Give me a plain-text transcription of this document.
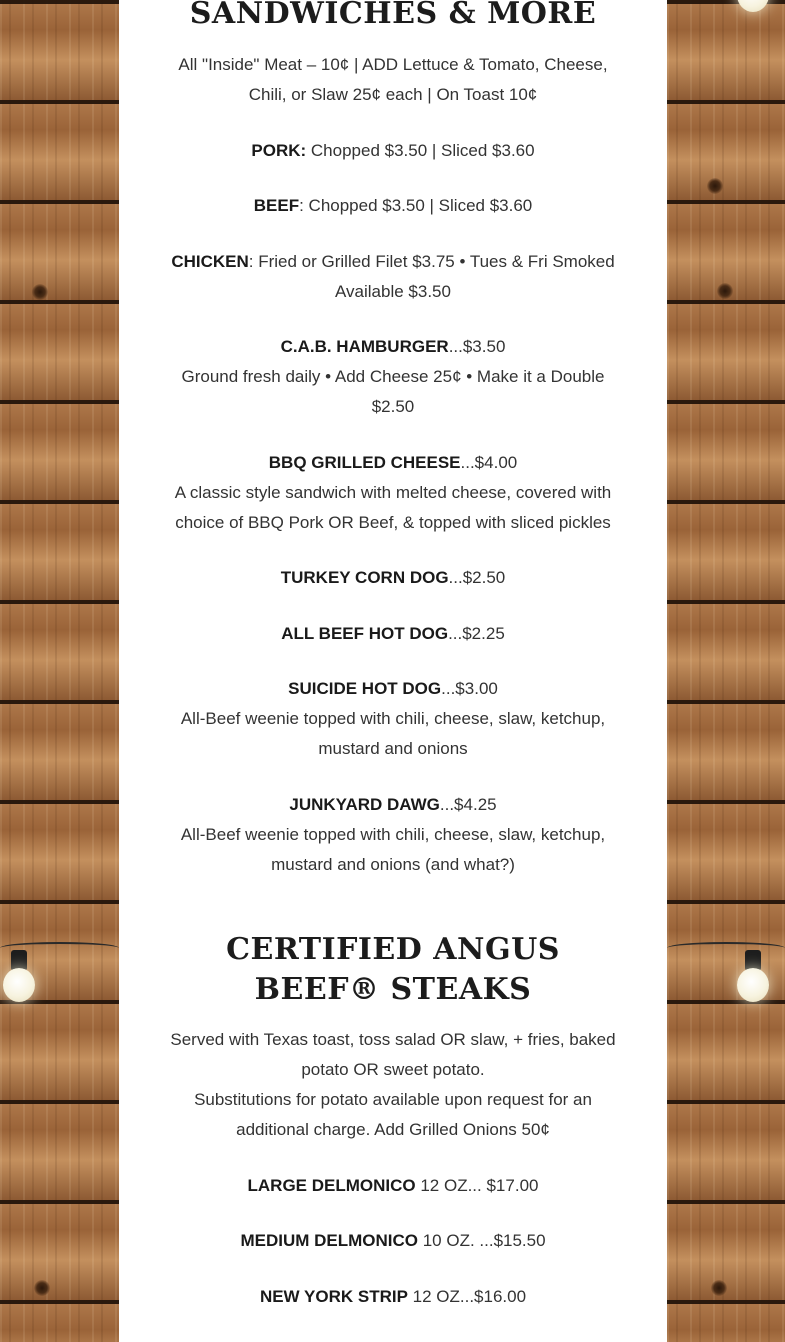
SANDWICHES & MORE
All "Inside" Meat – 10¢ | ADD Lettuce & Tomato, Cheese, Chili, or Slaw 25¢ each | On Toast 10¢
PORK: Chopped $3.50 | Sliced $3.60
BEEF: Chopped $3.50 | Sliced $3.60
CHICKEN: Fried or Grilled Filet $3.75 • Tues & Fri Smoked Available $3.50
C.A.B. HAMBURGER...$3.50
Ground fresh daily • Add Cheese 25¢ • Make it a Double $2.50
BBQ GRILLED CHEESE...$4.00
A classic style sandwich with melted cheese, covered with choice of BBQ Pork OR Beef, & topped with sliced pickles
TURKEY CORN DOG...$2.50
ALL BEEF HOT DOG...$2.25
SUICIDE HOT DOG...$3.00
All-Beef weenie topped with chili, cheese, slaw, ketchup, mustard and onions
JUNKYARD DAWG...$4.25
All-Beef weenie topped with chili, cheese, slaw, ketchup, mustard and onions (and what?)
CERTIFIED ANGUS BEEF® STEAKS
Served with Texas toast, toss salad OR slaw, + fries, baked potato OR sweet potato.
Substitutions for potato available upon request for an additional charge. Add Grilled Onions 50¢
LARGE DELMONICO 12 OZ... $17.00
MEDIUM DELMONICO 10 OZ. ...$15.50
NEW YORK STRIP 12 OZ...$16.00
